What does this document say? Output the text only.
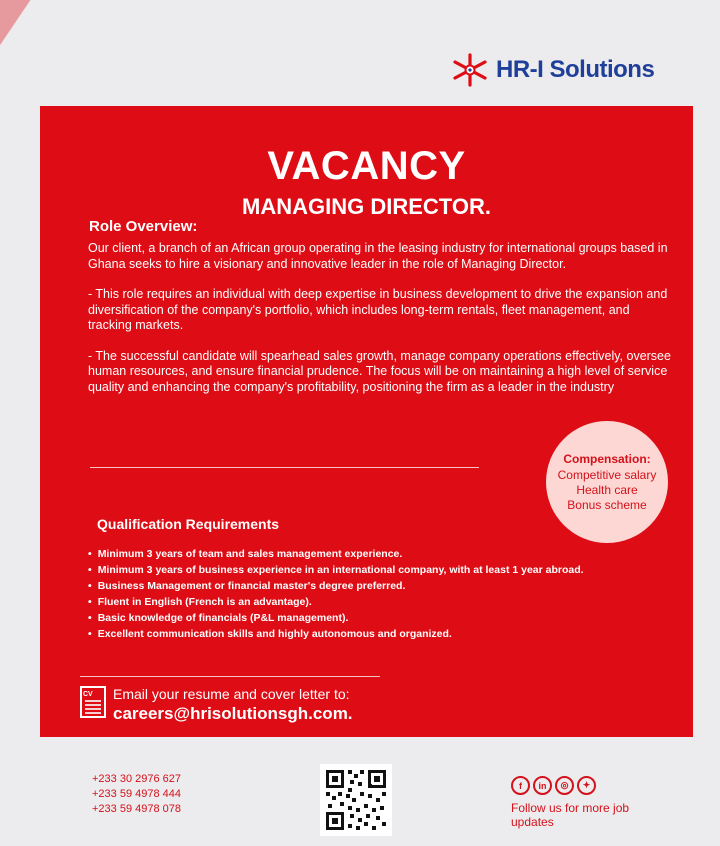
HR-I Solutions
VACANCY
MANAGING DIRECTOR.
Role Overview:

Our client, a branch of an African group operating in the leasing industry for international groups based in Ghana seeks to hire a visionary and innovative leader in the role of Managing Director.

- This role requires an individual with deep expertise in business development to drive the expansion and diversification of the company's portfolio, which includes long-term rentals, fleet management, and tracking markets.

- The successful candidate will spearhead sales growth, manage company operations effectively, oversee human resources, and ensure financial prudence. The focus will be on maintaining a high level of service quality and enhancing the company's profitability, positioning the firm as a leader in the industry

Compensation:
Competitive salary
Health care
Bonus scheme
Qualification Requirements
• Minimum 3 years of team and sales management experience.
• Minimum 3 years of business experience in an international company, with at least 1 year abroad.
• Business Management or financial master's degree preferred.
• Fluent in English (French is an advantage).
• Basic knowledge of financials (P&L management).
• Excellent communication skills and highly autonomous and organized.
CV Email your resume and cover letter to:
careers@hrisolutionsgh.com.
+233 30 2976 627
+233 59 4978 444
+233 59 4978 078
f	in	◎	✦
Follow us for more job updates
